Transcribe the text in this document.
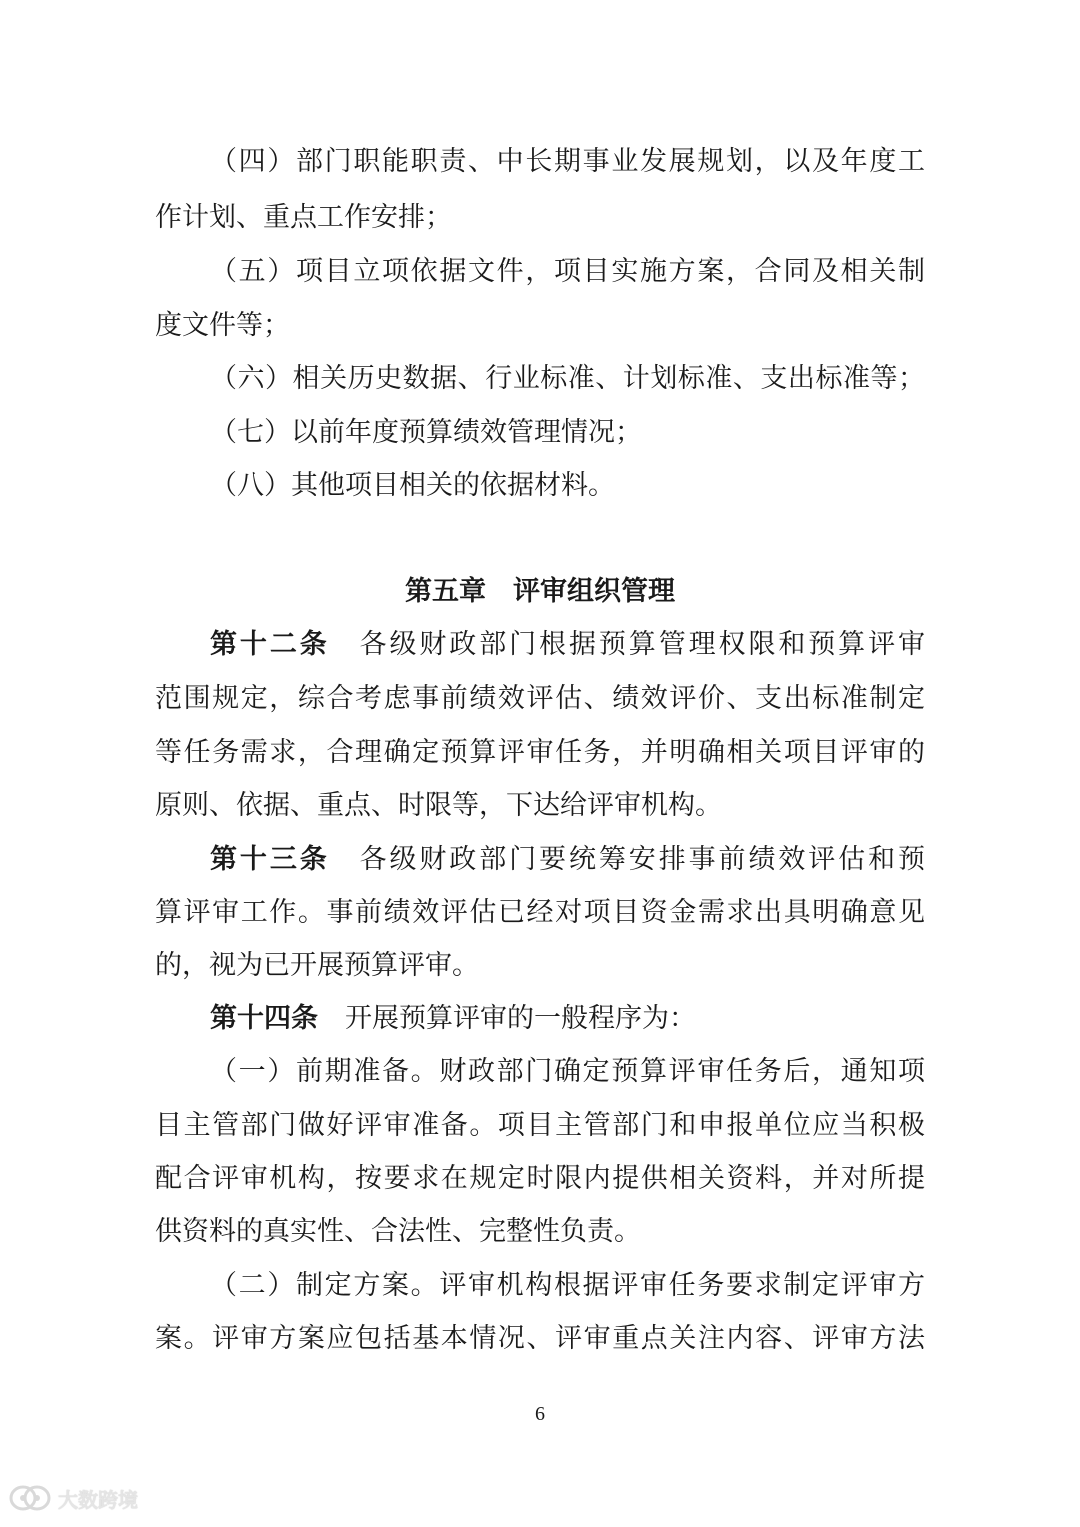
（四）部门职能职责、中长期事业发展规划，以及年度工
作计划、重点工作安排；
（五）项目立项依据文件，项目实施方案，合同及相关制
度文件等；
（六）相关历史数据、行业标准、计划标准、支出标准等；
（七）以前年度预算绩效管理情况；
（八）其他项目相关的依据材料。
第五章　评审组织管理
第十二条　各级财政部门根据预算管理权限和预算评审
范围规定，综合考虑事前绩效评估、绩效评价、支出标准制定
等任务需求，合理确定预算评审任务，并明确相关项目评审的
原则、依据、重点、时限等，下达给评审机构。
第十三条　各级财政部门要统筹安排事前绩效评估和预
算评审工作。事前绩效评估已经对项目资金需求出具明确意见
的，视为已开展预算评审。
第十四条　开展预算评审的一般程序为：
（一）前期准备。财政部门确定预算评审任务后，通知项
目主管部门做好评审准备。项目主管部门和申报单位应当积极
配合评审机构，按要求在规定时限内提供相关资料，并对所提
供资料的真实性、合法性、完整性负责。
（二）制定方案。评审机构根据评审任务要求制定评审方
案。评审方案应包括基本情况、评审重点关注内容、评审方法
6
大数跨境
